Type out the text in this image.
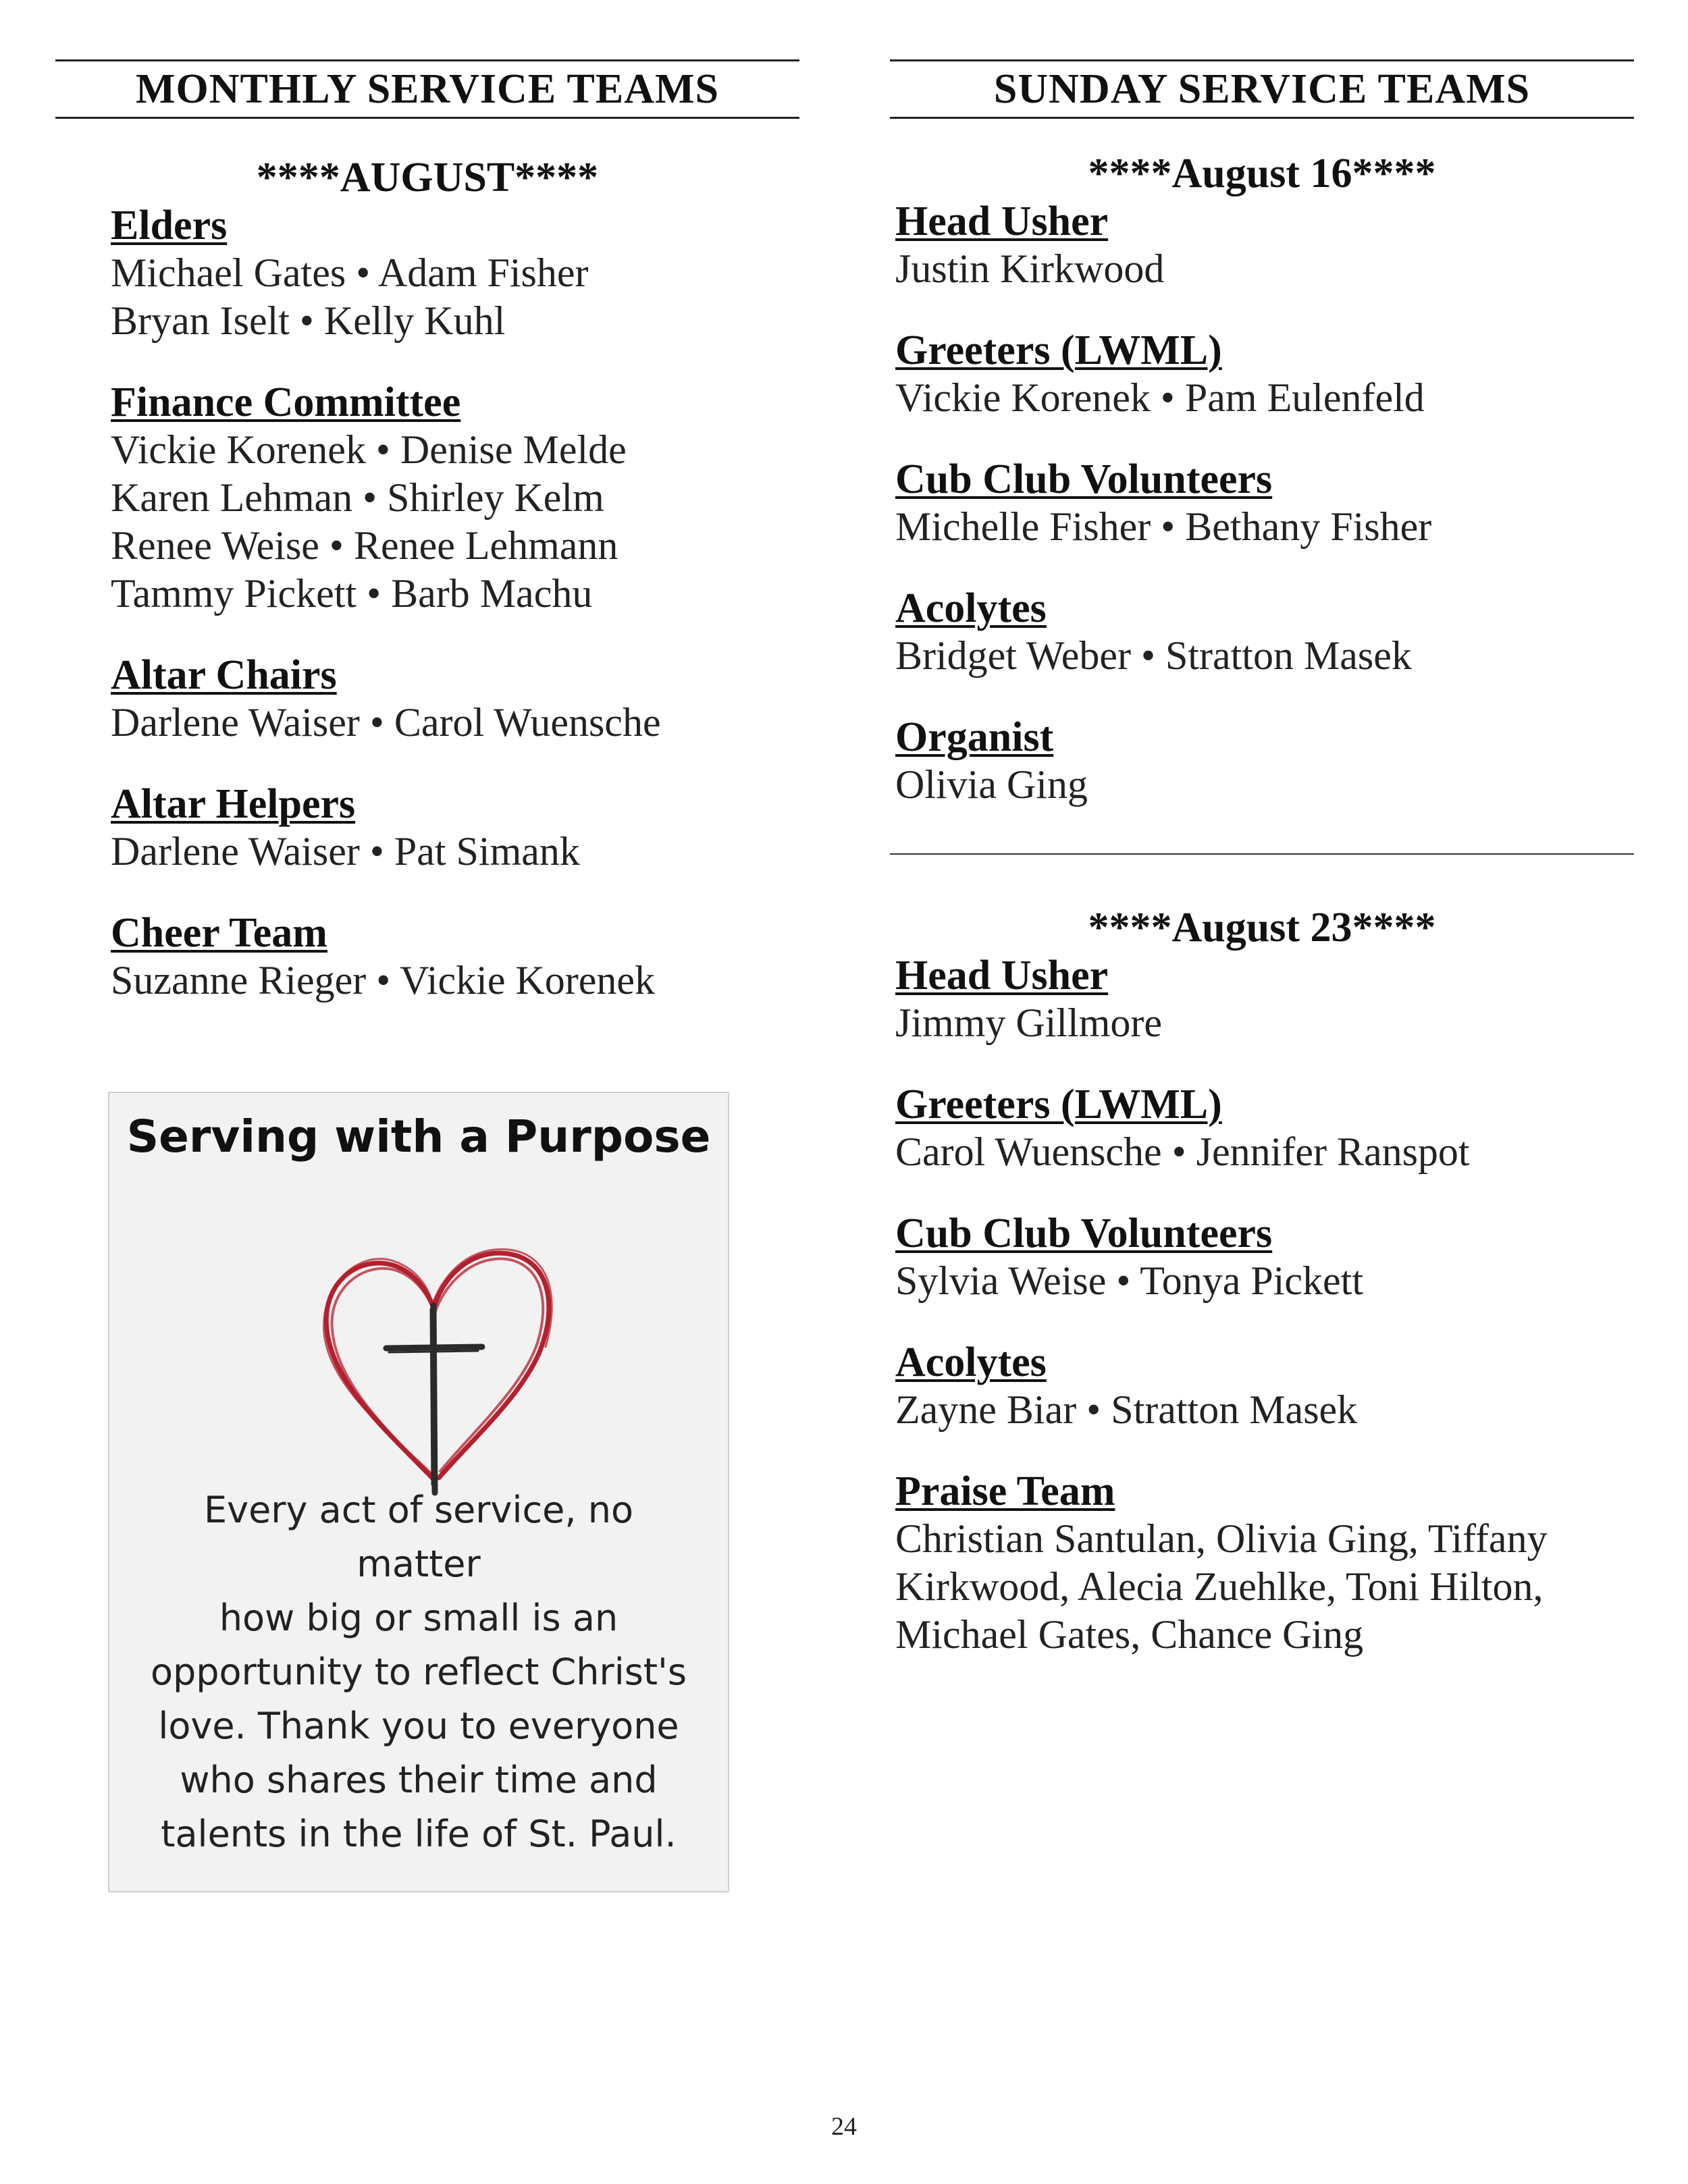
MONTHLY SERVICE TEAMS
****AUGUST****
Elders
Michael Gates • Adam Fisher
Bryan Iselt • Kelly Kuhl
Finance Committee
Vickie Korenek • Denise Melde
Karen Lehman • Shirley Kelm
Renee Weise • Renee Lehmann
Tammy Pickett • Barb Machu
Altar Chairs
Darlene Waiser • Carol Wuensche
Altar Helpers
Darlene Waiser • Pat Simank
Cheer Team
Suzanne Rieger • Vickie Korenek
Serving with a Purpose
Every act of service, no matter
how big or small is an
opportunity to reflect Christ's
love. Thank you to everyone
who shares their time and
talents in the life of St. Paul.
SUNDAY SERVICE TEAMS
****August 16****
Head Usher
Justin Kirkwood
Greeters (LWML)
Vickie Korenek • Pam Eulenfeld
Cub Club Volunteers
Michelle Fisher • Bethany Fisher
Acolytes
Bridget Weber • Stratton Masek
Organist
Olivia Ging
****August 23****
Head Usher
Jimmy Gillmore
Greeters (LWML)
Carol Wuensche • Jennifer Ranspot
Cub Club Volunteers
Sylvia Weise • Tonya Pickett
Acolytes
Zayne Biar • Stratton Masek
Praise Team
Christian Santulan, Olivia Ging, Tiffany
Kirkwood, Alecia Zuehlke, Toni Hilton,
Michael Gates, Chance Ging
24
